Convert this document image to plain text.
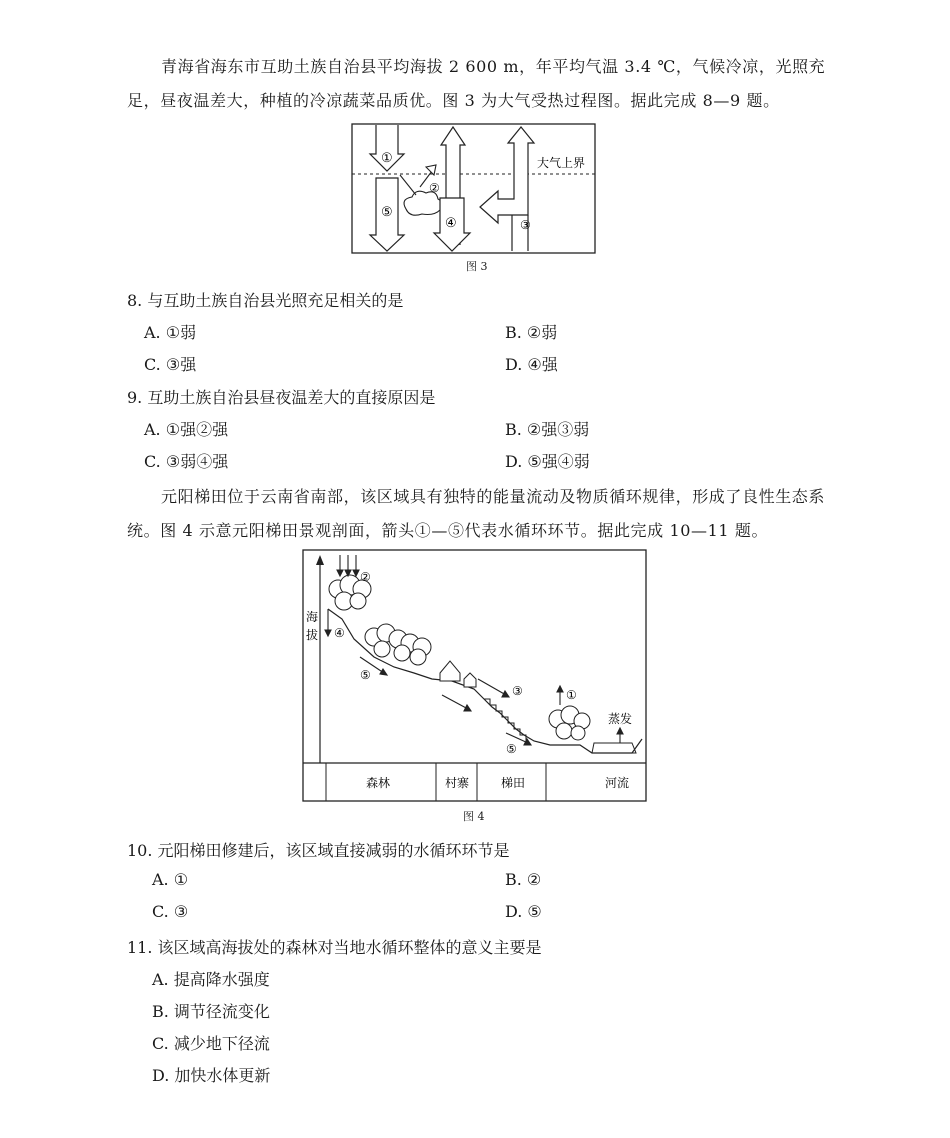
青海省海东市互助土族自治县平均海拔 2 600 m，年平均气温 3.4 ℃，气候冷凉，光照充足，昼夜温差大，种植的冷凉蔬菜品质优。图 3 为大气受热过程图。据此完成 8—9 题。
大气上界
①
⑤
②
④	③
图 3
8. 与互助土族自治县光照充足相关的是
A. ①弱	B. ②弱
C. ③强	D. ④强
9. 互助土族自治县昼夜温差大的直接原因是
A. ①强②强	B. ②强③弱
C. ③弱④强	D. ⑤强④弱
元阳梯田位于云南省南部，该区域具有独特的能量流动及物质循环规律，形成了良性生态系统。图 4 示意元阳梯田景观剖面，箭头①—⑤代表水循环环节。据此完成 10—11 题。
海
拔
森林	村寨	梯田	河流
②
④
⑤
③
⑤
①
蒸发
图 4
10. 元阳梯田修建后，该区域直接减弱的水循环环节是
A. ①	B. ②
C. ③	D. ⑤
11. 该区域高海拔处的森林对当地水循环整体的意义主要是
A. 提高降水强度
B. 调节径流变化
C. 减少地下径流
D. 加快水体更新
